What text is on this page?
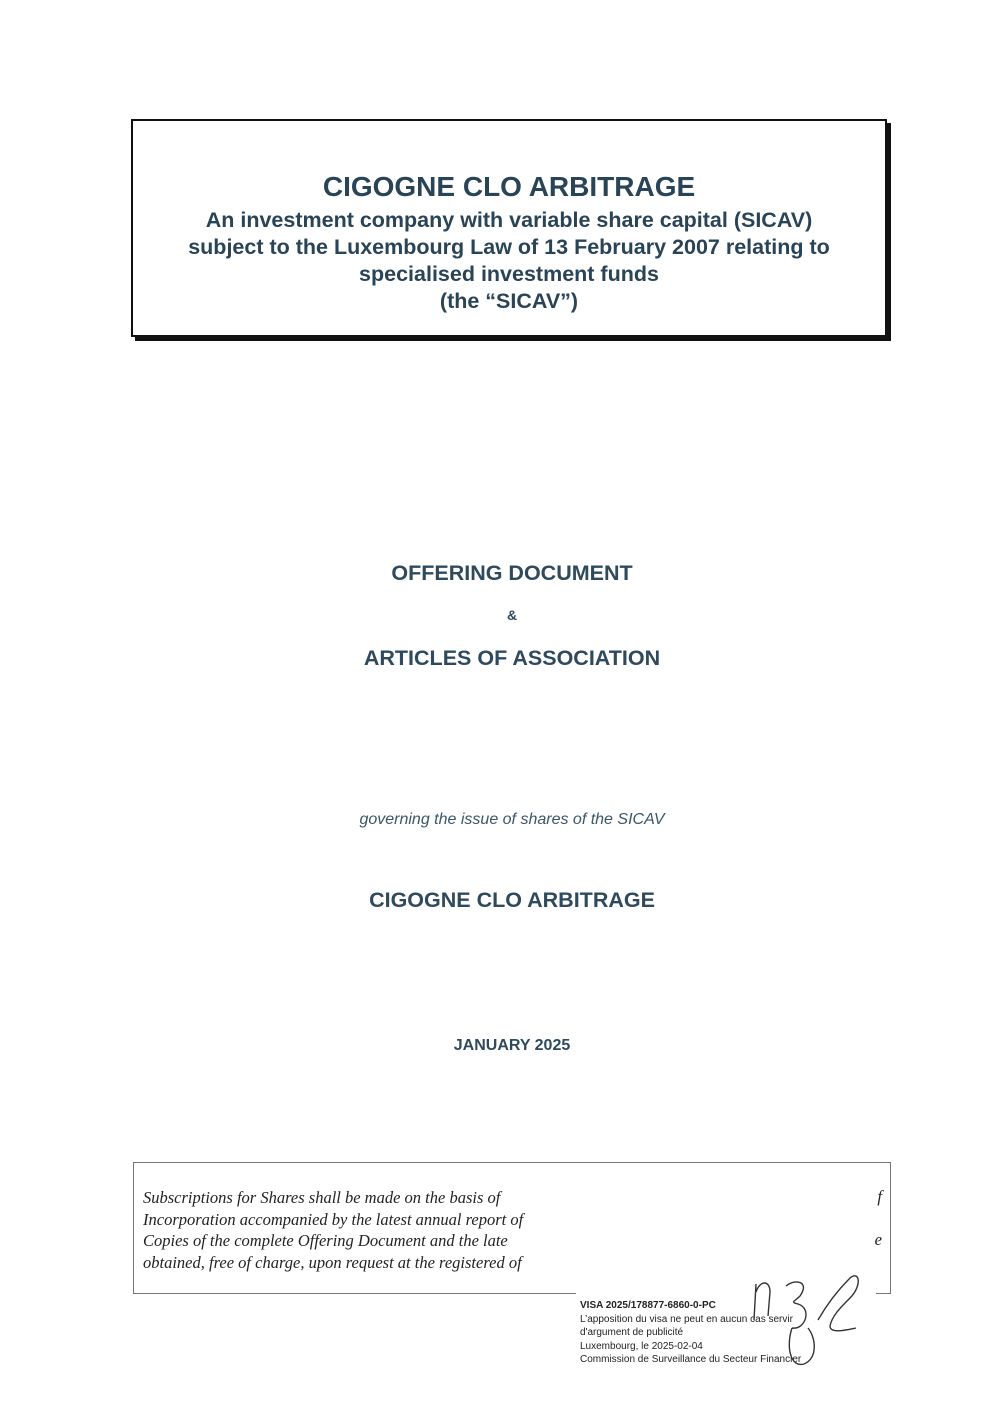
CIGOGNE CLO ARBITRAGE

An investment company with variable share capital (SICAV)
subject to the Luxembourg Law of 13 February 2007 relating to
specialised investment funds
(the “SICAV”)

OFFERING DOCUMENT

&

ARTICLES OF ASSOCIATION

governing the issue of shares of the SICAV

CIGOGNE CLO ARBITRAGE

JANUARY 2025

Subscriptions for Shares shall be made on the basis of
Incorporation accompanied by the latest annual report of
Copies of the complete Offering Document and the late
obtained, free of charge, upon request at the registered of
f
e
VISA 2025/178877-6860-0-PC
L’apposition du visa ne peut en aucun cas servir
d'argument de publicité
Luxembourg, le 2025-02-04
Commission de Surveillance du Secteur Financier
